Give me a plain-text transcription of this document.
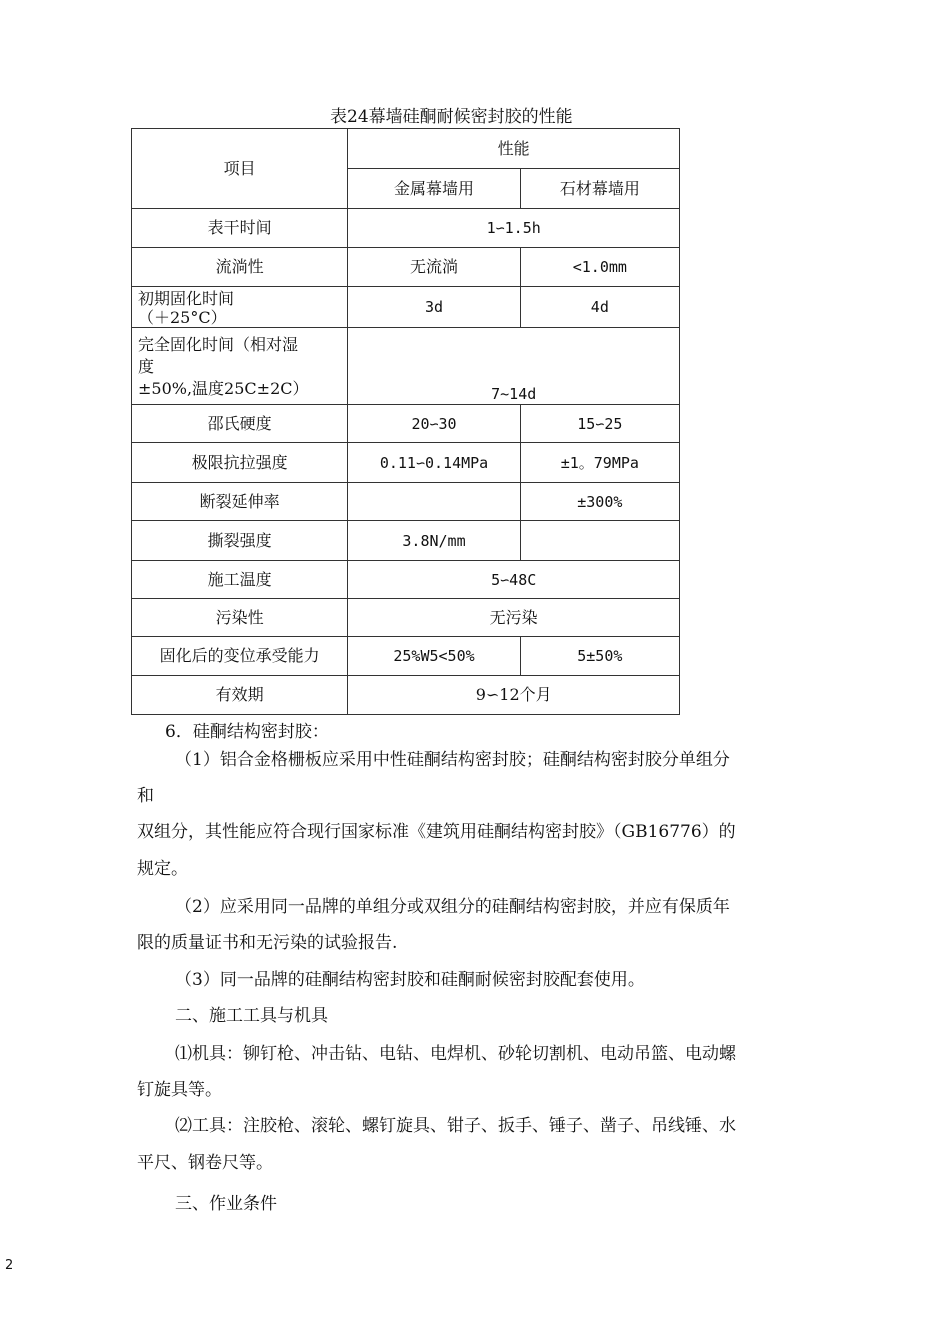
表24幕墙硅酮耐候密封胶的性能
项目	性能	
	金属幕墙用	石材幕墙用
表干时间	1∽1.5h	
流淌性	无流淌	<1.0mm

初期固化时间
（＋25°C）	3d	4d

完全固化时间（相对湿
度
±50%,温度25C±2C）	7~14d	
邵氏硬度	20∽30	15∽25
极限抗拉强度	0.11∽0.14MPa	±1。79MPa
断裂延伸率		±300%
撕裂强度	3.8N/mm	
施工温度	5∽48C	
污染性	无污染	
固化后的变位承受能力	25%W5<50%	5±50%
有效期	9∽12个月	

6．硅酮结构密封胶：

（1）铝合金格栅板应采用中性硅酮结构密封胶；硅酮结构密封胶分单组分

和

双组分，其性能应符合现行国家标准《建筑用硅酮结构密封胶》（GB16776）的

规定。

（2）应采用同一品牌的单组分或双组分的硅酮结构密封胶，并应有保质年

限的质量证书和无污染的试验报告.

（3）同一品牌的硅酮结构密封胶和硅酮耐候密封胶配套使用。

二、施工工具与机具

⑴机具：铆钉枪、冲击钻、电钻、电焊机、砂轮切割机、电动吊篮、电动螺

钉旋具等。

⑵工具：注胶枪、滚轮、螺钉旋具、钳子、扳手、锤子、凿子、吊线锤、水

平尺、钢卷尺等。

三、作业条件

2
